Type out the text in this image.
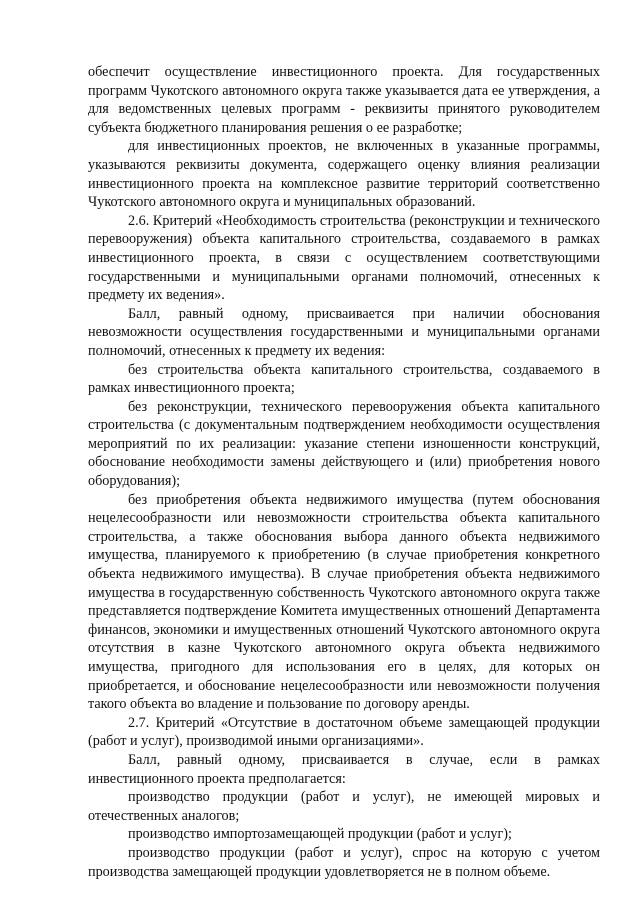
обеспечит осуществление инвестиционного проекта. Для государственных программ Чукотского автономного округа также указывается дата ее утверждения, а для ведомственных целевых программ - реквизиты принятого руководителем субъекта бюджетного планирования решения о ее разработке;

для инвестиционных проектов, не включенных в указанные программы, указываются реквизиты документа, содержащего оценку влияния реализации инвестиционного проекта на комплексное развитие территорий соответственно Чукотского автономного округа и муниципальных образований.

2.6. Критерий «Необходимость строительства (реконструкции и технического перевооружения) объекта капитального строительства, создаваемого в рамках инвестиционного проекта, в связи с осуществлением соответствующими государственными и муниципальными органами полномочий, отнесенных к предмету их ведения».

Балл, равный одному, присваивается при наличии обоснования невозможности осуществления государственными и муниципальными органами полномочий, отнесенных к предмету их ведения:

без строительства объекта капитального строительства, создаваемого в рамках инвестиционного проекта;

без реконструкции, технического перевооружения объекта капитального строительства (с документальным подтверждением необходимости осуществления мероприятий по их реализации: указание степени изношенности конструкций, обоснование необходимости замены действующего и (или) приобретения нового оборудования);

без приобретения объекта недвижимого имущества (путем обоснования нецелесообразности или невозможности строительства объекта капитального строительства, а также обоснования выбора данного объекта недвижимого имущества, планируемого к приобретению (в случае приобретения конкретного объекта недвижимого имущества). В случае приобретения объекта недвижимого имущества в государственную собственность Чукотского автономного округа также представляется подтверждение Комитета имущественных отношений Департамента финансов, экономики и имущественных отношений Чукотского автономного округа отсутствия в казне Чукотского автономного округа объекта недвижимого имущества, пригодного для использования его в целях, для которых он приобретается, и обоснование нецелесообразности или невозможности получения такого объекта во владение и пользование по договору аренды.

2.7. Критерий «Отсутствие в достаточном объеме замещающей продукции (работ и услуг), производимой иными организациями».

Балл, равный одному, присваивается в случае, если в рамках инвестиционного проекта предполагается:

производство продукции (работ и услуг), не имеющей мировых и отечественных аналогов;

производство импортозамещающей продукции (работ и услуг);

производство продукции (работ и услуг), спрос на которую с учетом производства замещающей продукции удовлетворяется не в полном объеме.
